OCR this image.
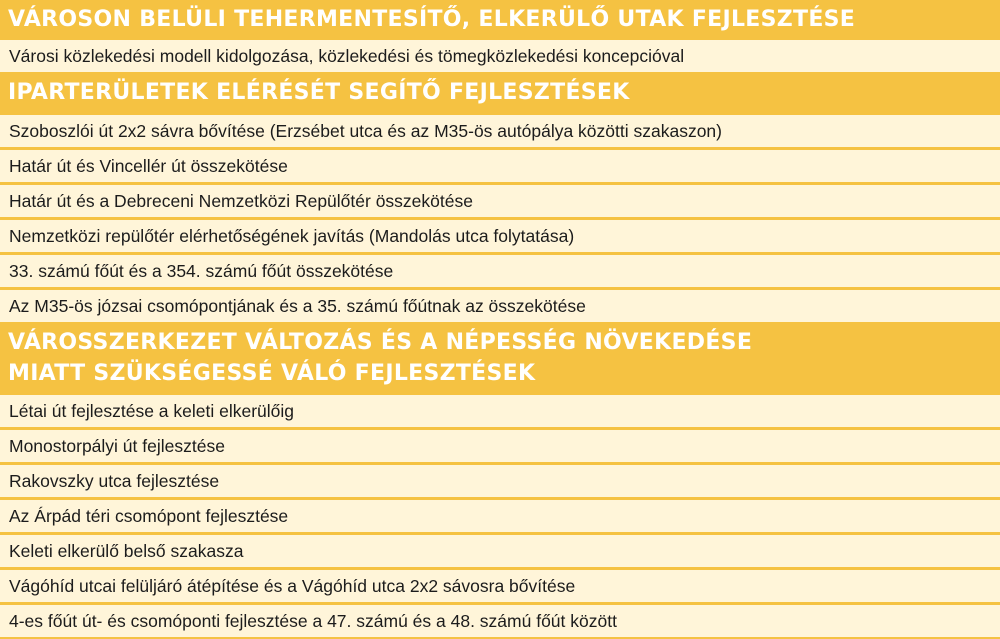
VÁROSON BELÜLI TEHERMENTESÍTŐ, ELKERÜLŐ UTAK FEJLESZTÉSE
Városi közlekedési modell kidolgozása, közlekedési és tömegközlekedési koncepcióval
IPARTERÜLETEK ELÉRÉSÉT SEGÍTŐ FEJLESZTÉSEK
Szoboszlói út 2x2 sávra bővítése (Erzsébet utca és az M35-ös autópálya közötti szakaszon)
Határ út és Vincellér út összekötése
Határ út és a Debreceni Nemzetközi Repülőtér összekötése
Nemzetközi repülőtér elérhetőségének javítás (Mandolás utca folytatása)
33. számú főút és a 354. számú főút összekötése
Az M35-ös józsai csomópontjának és a 35. számú főútnak az összekötése
VÁROSSZERKEZET VÁLTOZÁS ÉS A NÉPESSÉG NÖVEKEDÉSE
MIATT SZÜKSÉGESSÉ VÁLÓ FEJLESZTÉSEK
Létai út fejlesztése a keleti elkerülőig
Monostorpályi út fejlesztése
Rakovszky utca fejlesztése
Az Árpád téri csomópont fejlesztése
Keleti elkerülő belső szakasza
Vágóhíd utcai felüljáró átépítése és a Vágóhíd utca 2x2 sávosra bővítése
4-es főút út- és csomóponti fejlesztése a 47. számú és a 48. számú főút között
